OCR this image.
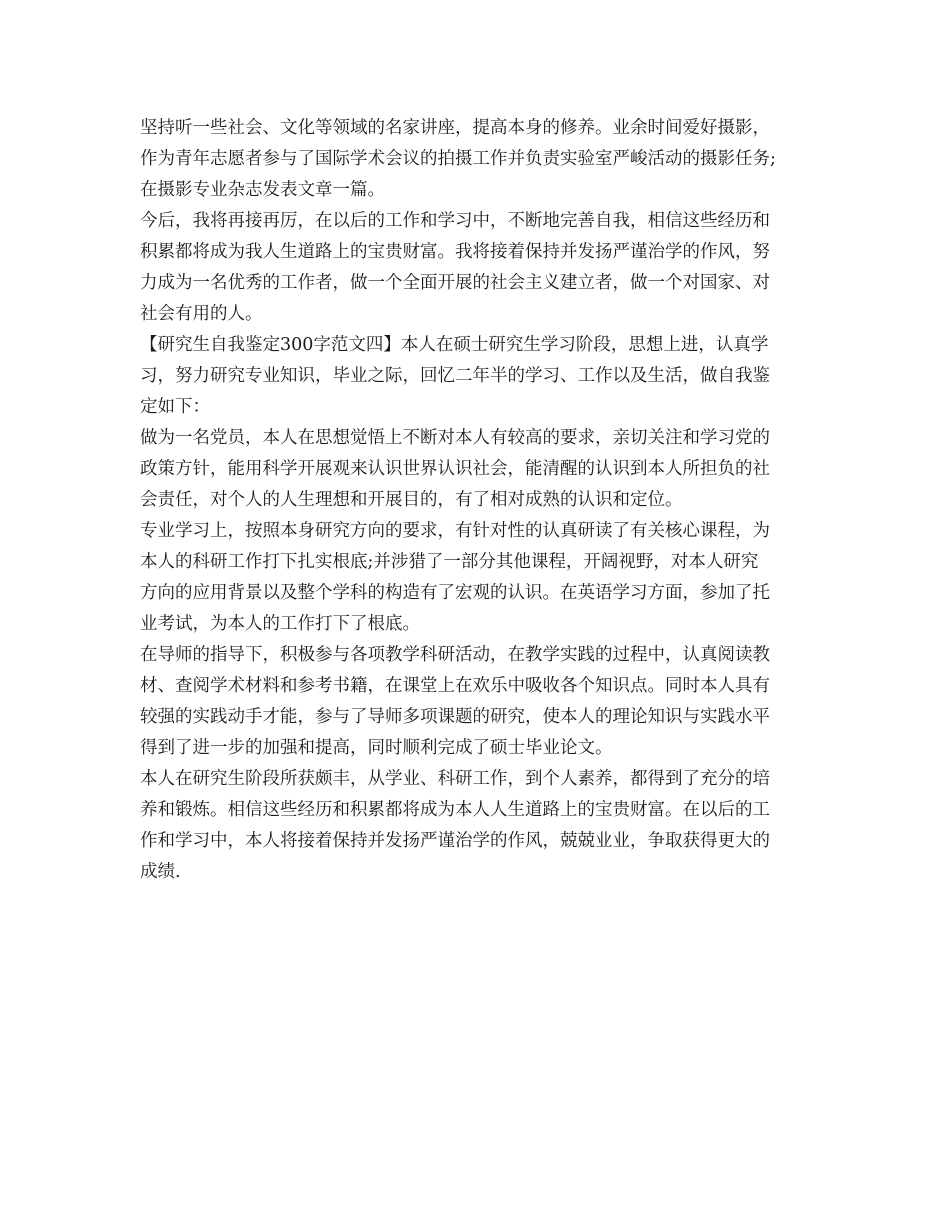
坚持听一些社会、文化等领域的名家讲座，提高本身的修养。业余时间爱好摄影，
作为青年志愿者参与了国际学术会议的拍摄工作并负责实验室严峻活动的摄影任务;
在摄影专业杂志发表文章一篇。
今后，我将再接再厉，在以后的工作和学习中，不断地完善自我，相信这些经历和
积累都将成为我人生道路上的宝贵财富。我将接着保持并发扬严谨治学的作风，努
力成为一名优秀的工作者，做一个全面开展的社会主义建立者，做一个对国家、对
社会有用的人。
【研究生自我鉴定300字范文四】本人在硕士研究生学习阶段，思想上进，认真学
习，努力研究专业知识，毕业之际，回忆二年半的学习、工作以及生活，做自我鉴
定如下：
做为一名党员，本人在思想觉悟上不断对本人有较高的要求，亲切关注和学习党的
政策方针，能用科学开展观来认识世界认识社会，能清醒的认识到本人所担负的社
会责任，对个人的人生理想和开展目的，有了相对成熟的认识和定位。
专业学习上，按照本身研究方向的要求，有针对性的认真研读了有关核心课程，为
本人的科研工作打下扎实根底;并涉猎了一部分其他课程，开阔视野，对本人研究
方向的应用背景以及整个学科的构造有了宏观的认识。在英语学习方面，参加了托
业考试，为本人的工作打下了根底。
在导师的指导下，积极参与各项教学科研活动，在教学实践的过程中，认真阅读教
材、查阅学术材料和参考书籍，在课堂上在欢乐中吸收各个知识点。同时本人具有
较强的实践动手才能，参与了导师多项课题的研究，使本人的理论知识与实践水平
得到了进一步的加强和提高，同时顺利完成了硕士毕业论文。
本人在研究生阶段所获颇丰，从学业、科研工作，到个人素养，都得到了充分的培
养和锻炼。相信这些经历和积累都将成为本人人生道路上的宝贵财富。在以后的工
作和学习中，本人将接着保持并发扬严谨治学的作风，兢兢业业，争取获得更大的
成绩.
